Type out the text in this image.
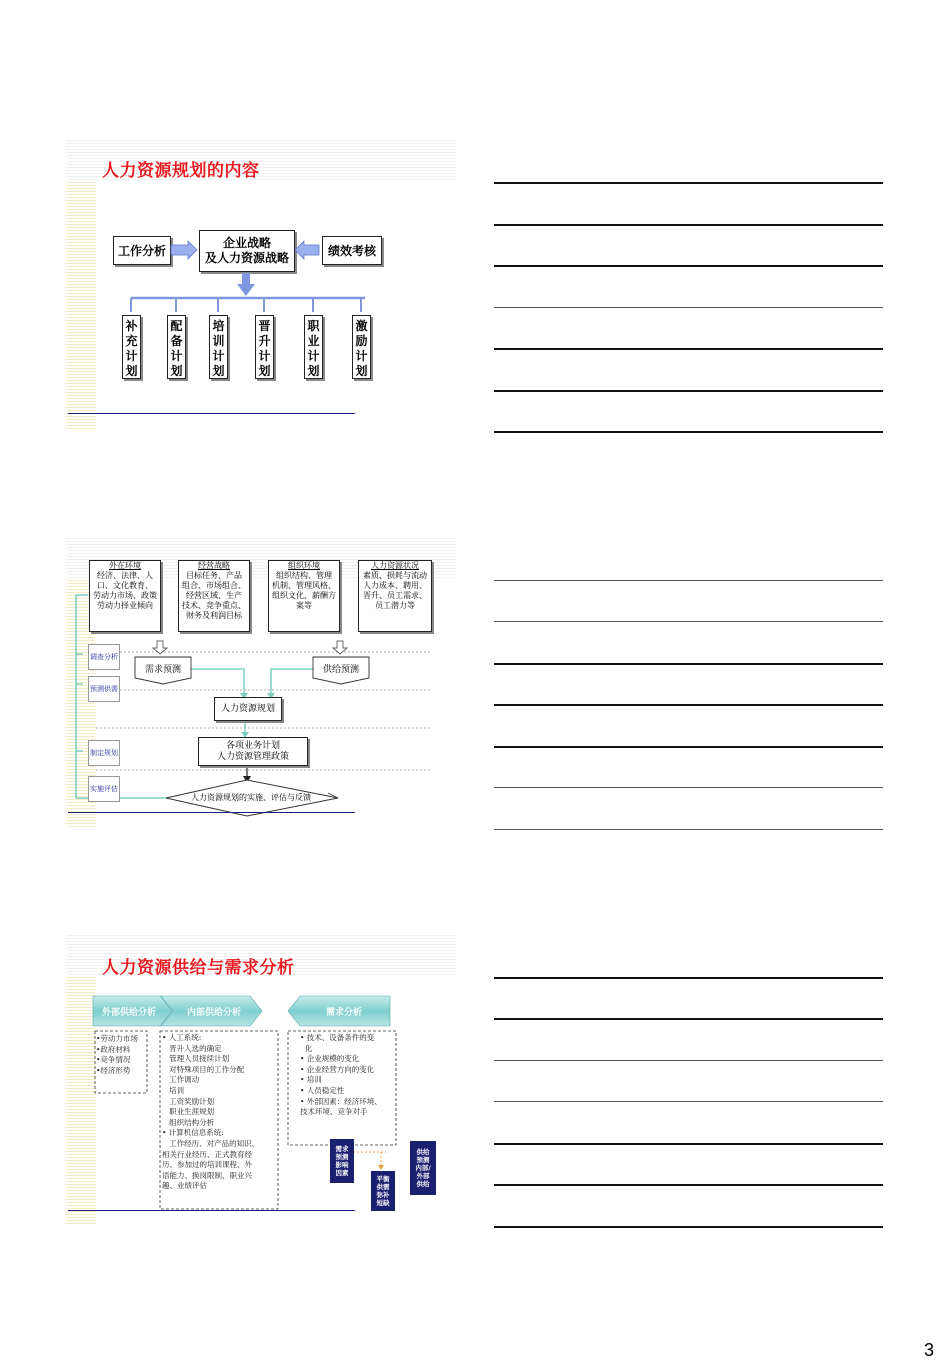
人力资源规划的内容
工作分析
企业战略
及人力资源战略	绩效考核
补充计划
配备计划
培训计划
晋升计划
职业计划
激励计划
外在环境
经济、法律、人
口、文化教育、
劳动力市场、政策
劳动力择业倾向
经营战略
目标任务、产品
组合、市场组合、
经营区域、生产
技术、竞争重点、
财务及利润目标
组织环境
组织结构、管理
机制、管理风格、
组织文化、薪酬方
案等
人力资源状况
素质、损耗与流动
人力成本、聘用、
晋升、员工需求、
员工潜力等
调查分析
预测供需
制定规划
实施评估
需求预测	供给预测
人力资源规划
各项业务计划
人力资源管理政策
人力资源规划的实施、评估与反馈
人力资源供给与需求分析
外部供给分析	内部供给分析	需求分析
•劳动力市场
•政府材料
•竞争情况
•经济形势
• 人工系统:
晋升人选的确定
管理人员接续计划
对特殊项目的工作分配
工作调动
培训
工资奖励计划
职业生涯规划
组织结构分析
• 计算机信息系统:
工作经历、对产品的知识、
相关行业经历、正式教育经
历、参加过的培训课程、外
语能力、换岗限制、职业兴
趣、业绩评估
• 技术、设备条件的变
化
• 企业规模的变化
• 企业经营方向的变化
• 培训
• 人员稳定性
• 外部因素：经济环境、
技术环境、竞争对手
需求预测影响因素
平衡供需弥补短缺
供给预测内部/外部供给
3
